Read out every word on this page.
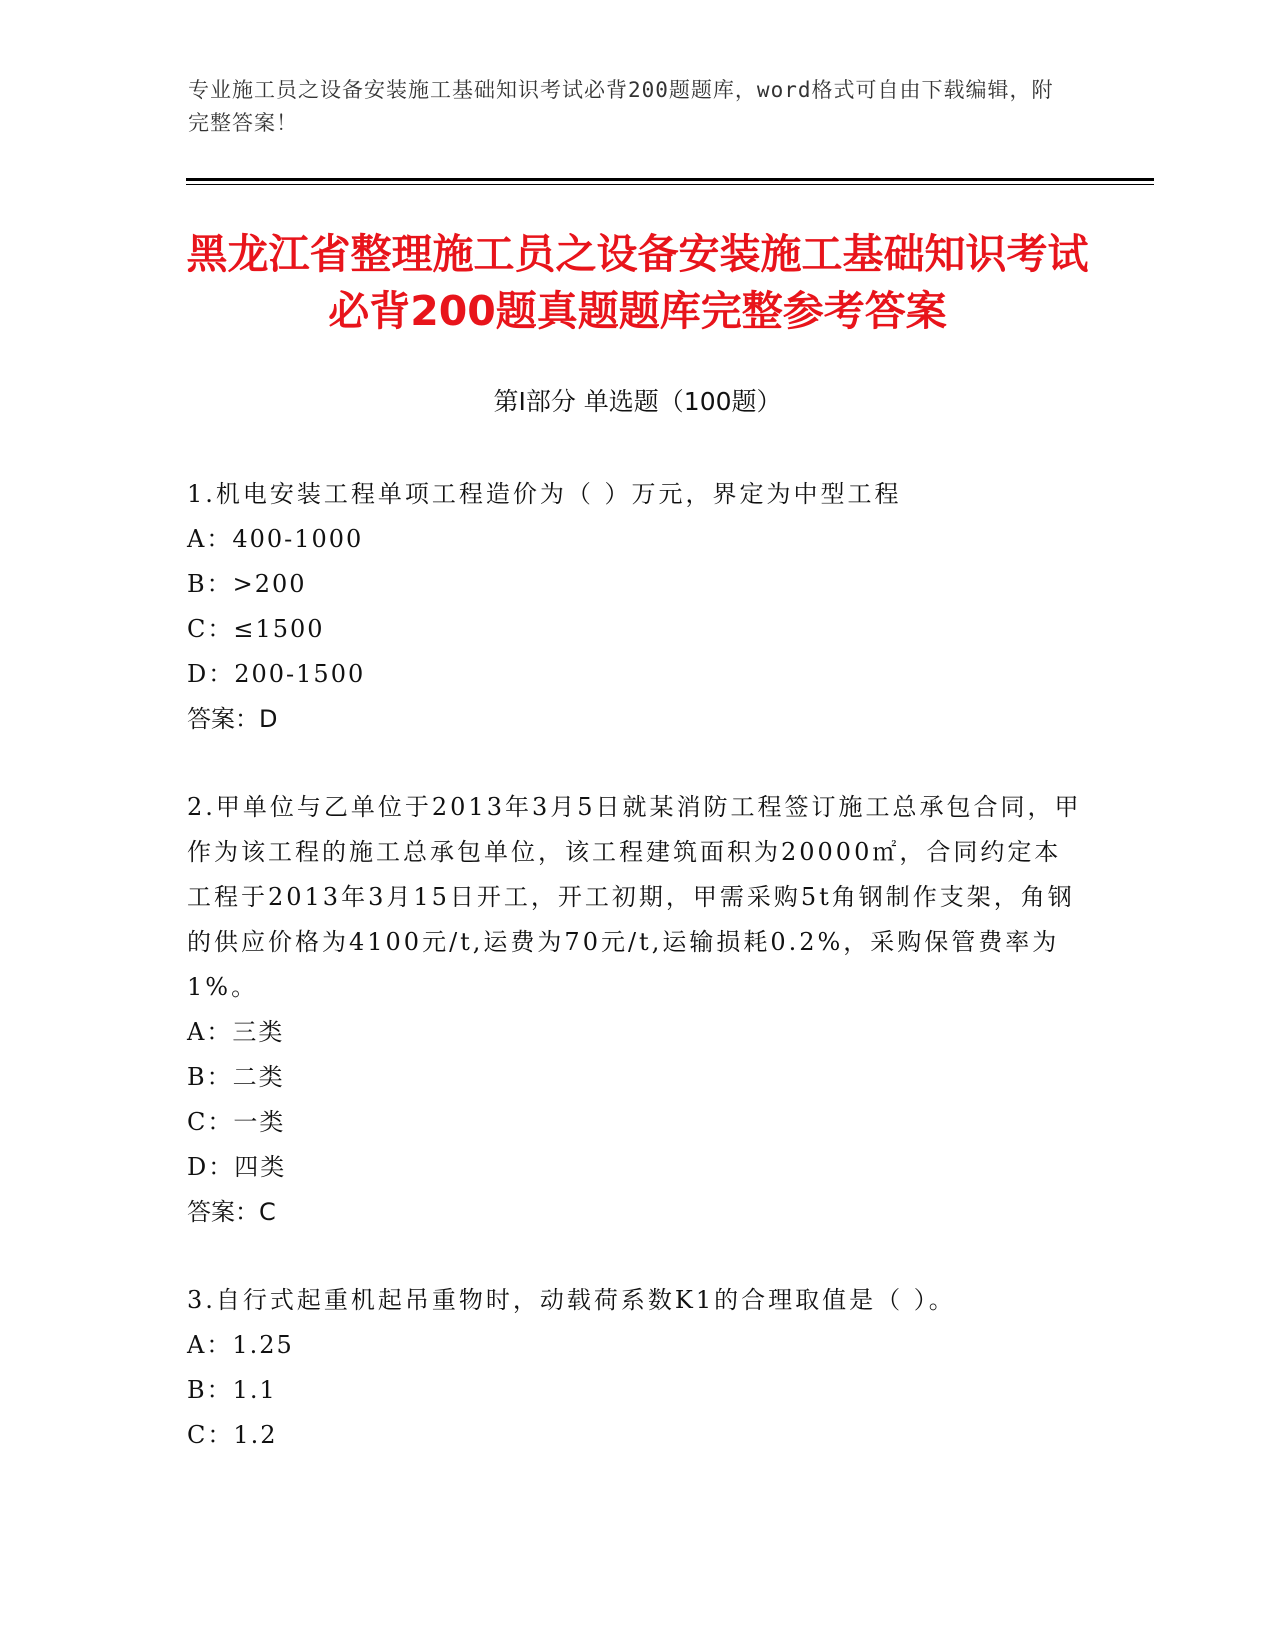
专业施工员之设备安装施工基础知识考试必背200题题库，word格式可自由下载编辑，附完整答案！
黑龙江省整理施工员之设备安装施工基础知识考试必背200题真题题库完整参考答案
第Ⅰ部分 单选题（100题）

1.机电安装工程单项工程造价为（ ）万元，界定为中型工程

A：400-1000

B：>200

C：≤1500

D：200-1500

答案：D

2.甲单位与乙单位于2013年3月5日就某消防工程签订施工总承包合同，甲作为该工程的施工总承包单位，该工程建筑面积为20000㎡，合同约定本工程于2013年3月15日开工，开工初期，甲需采购5t角钢制作支架，角钢的供应价格为4100元/t,运费为70元/t,运输损耗0.2%，采购保管费率为1%。

A：三类

B：二类

C：一类

D：四类

答案：C

3.自行式起重机起吊重物时，动载荷系数K1的合理取值是（ ）。

A：1.25

B：1.1

C：1.2
